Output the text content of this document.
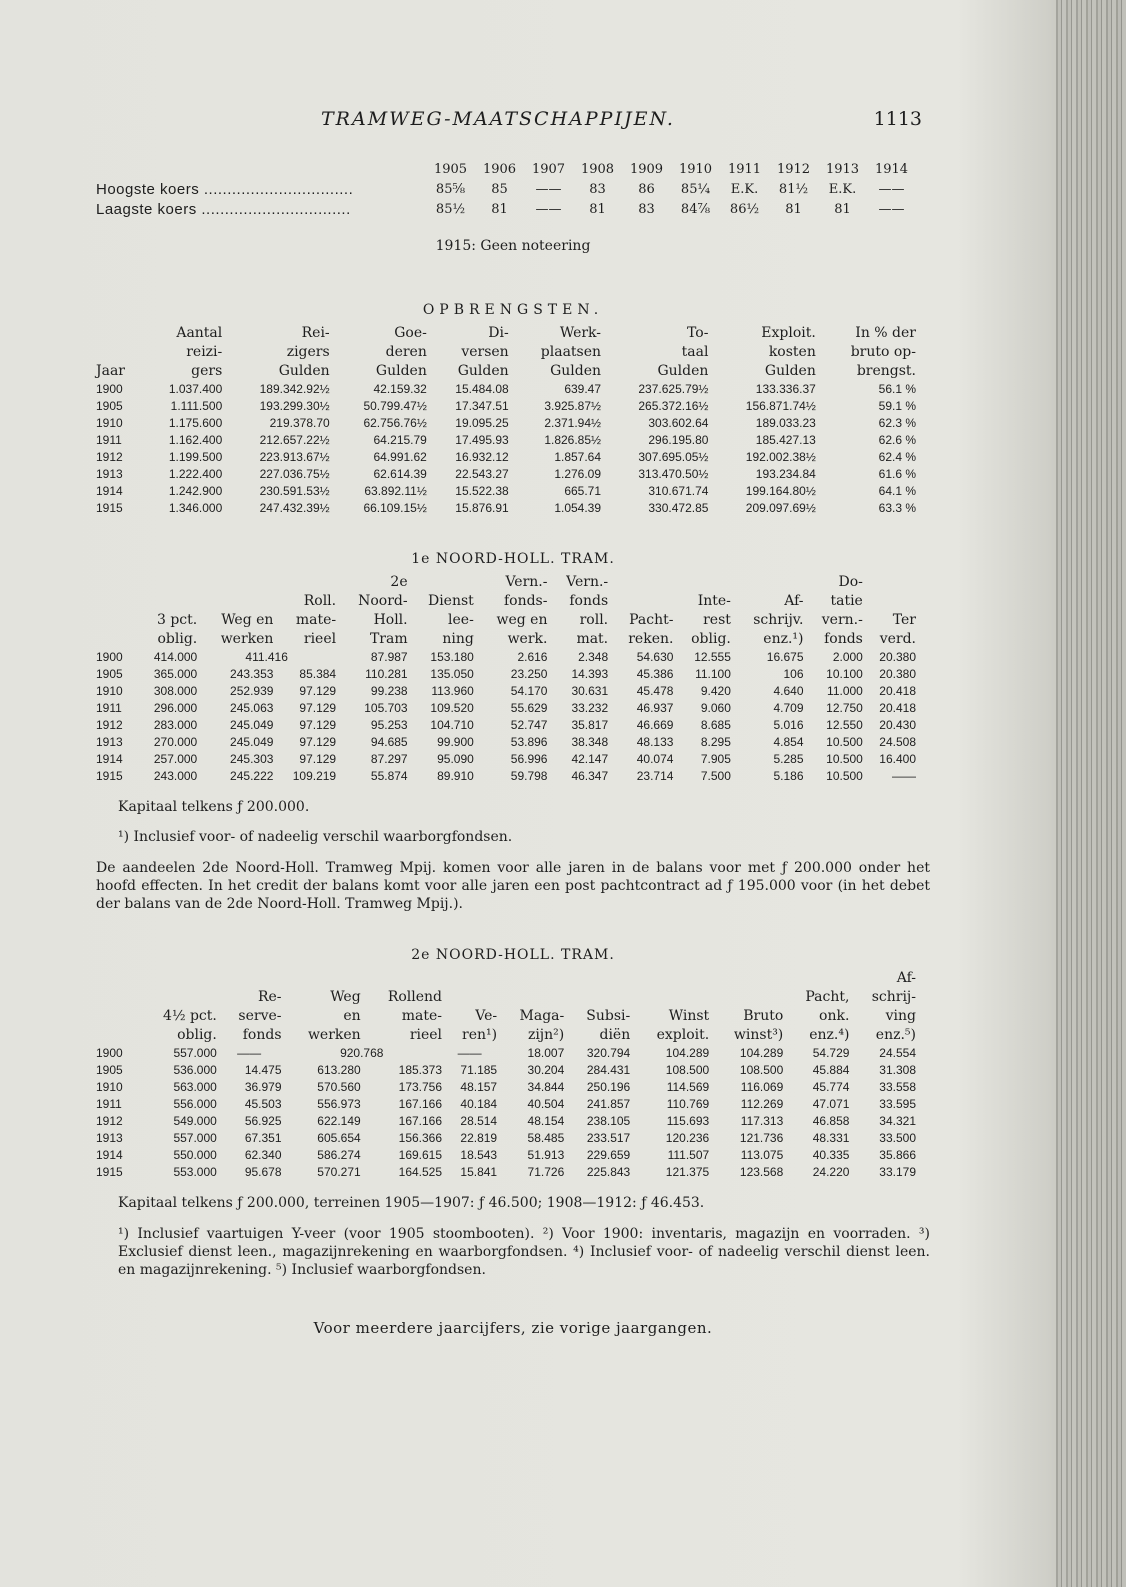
TRAMWEG-MAATSCHAPPIJEN.	1113
	1905	1906	1907	1908	1909	1910	1911	1912	1913	1914
Hoogste koers ................................	85⅝	85	——	83	86	85¼	E.K.	81½	E.K.	——
Laagste koers ................................	85½	81	——	81	83	84⅞	86½	81	81	——
1915: Geen noteering
OPBRENGSTEN.
	Aantal	Rei-	Goe-	Di-	Werk-	To-	Exploit.	In % der
	reizi-	zigers	deren	versen	plaatsen	taal	kosten	bruto op-
Jaar	gers	Gulden	Gulden	Gulden	Gulden	Gulden	Gulden	brengst.
1900	1.037.400	189.342.92½	42.159.32	15.484.08	639.47	237.625.79½	133.336.37	56.1 %
1905	1.111.500	193.299.30½	50.799.47½	17.347.51	3.925.87½	265.372.16½	156.871.74½	59.1 %
1910	1.175.600	219.378.70	62.756.76½	19.095.25	2.371.94½	303.602.64	189.033.23	62.3 %
1911	1.162.400	212.657.22½	64.215.79	17.495.93	1.826.85½	296.195.80	185.427.13	62.6 %
1912	1.199.500	223.913.67½	64.991.62	16.932.12	1.857.64	307.695.05½	192.002.38½	62.4 %
1913	1.222.400	227.036.75½	62.614.39	22.543.27	1.276.09	313.470.50½	193.234.84	61.6 %
1914	1.242.900	230.591.53½	63.892.11½	15.522.38	665.71	310.671.74	199.164.80½	64.1 %
1915	1.346.000	247.432.39½	66.109.15½	15.876.91	1.054.39	330.472.85	209.097.69½	63.3 %
1e NOORD-HOLL. TRAM.
				2e		Vern.-	Vern.-				Do-	
			Roll.	Noord-	Dienst	fonds-	fonds		Inte-	Af-	tatie	
	3 pct.	Weg en	mate-	Holl.	lee-	weg en	roll.	Pacht-	rest	schrijv.	vern.-	Ter
	oblig.	werken	rieel	Tram	ning	werk.	mat.	reken.	oblig.	enz.¹)	fonds	verd.
1900	414.000	411.416		87.987	153.180	2.616	2.348	54.630	12.555	16.675	2.000	20.380
1905	365.000	243.353	85.384	110.281	135.050	23.250	14.393	45.386	11.100	106	10.100	20.380
1910	308.000	252.939	97.129	99.238	113.960	54.170	30.631	45.478	9.420	4.640	11.000	20.418
1911	296.000	245.063	97.129	105.703	109.520	55.629	33.232	46.937	9.060	4.709	12.750	20.418
1912	283.000	245.049	97.129	95.253	104.710	52.747	35.817	46.669	8.685	5.016	12.550	20.430
1913	270.000	245.049	97.129	94.685	99.900	53.896	38.348	48.133	8.295	4.854	10.500	24.508
1914	257.000	245.303	97.129	87.297	95.090	56.996	42.147	40.074	7.905	5.285	10.500	16.400
1915	243.000	245.222	109.219	55.874	89.910	59.798	46.347	23.714	7.500	5.186	10.500	——
Kapitaal telkens ƒ 200.000.
¹) Inclusief voor- of nadeelig verschil waarborgfondsen.
De aandeelen 2de Noord-Holl. Tramweg Mpij. komen voor alle jaren in de balans voor met ƒ 200.000 onder het hoofd effecten. In het credit der balans komt voor alle jaren een post pachtcontract ad ƒ 195.000 voor (in het debet der balans van de 2de Noord-Holl. Tramweg Mpij.).
2e NOORD-HOLL. TRAM.
											Af-
		Re-	Weg	Rollend						Pacht,	schrij-
	4½ pct.	serve-	en	mate-	Ve-	Maga-	Subsi-	Winst	Bruto	onk.	ving
	oblig.	fonds	werken	rieel	ren¹)	zijn²)	diën	exploit.	winst³)	enz.⁴)	enz.⁵)
1900	557.000	——	920.768		——	18.007	320.794	104.289	104.289	54.729	24.554
1905	536.000	14.475	613.280	185.373	71.185	30.204	284.431	108.500	108.500	45.884	31.308
1910	563.000	36.979	570.560	173.756	48.157	34.844	250.196	114.569	116.069	45.774	33.558
1911	556.000	45.503	556.973	167.166	40.184	40.504	241.857	110.769	112.269	47.071	33.595
1912	549.000	56.925	622.149	167.166	28.514	48.154	238.105	115.693	117.313	46.858	34.321
1913	557.000	67.351	605.654	156.366	22.819	58.485	233.517	120.236	121.736	48.331	33.500
1914	550.000	62.340	586.274	169.615	18.543	51.913	229.659	111.507	113.075	40.335	35.866
1915	553.000	95.678	570.271	164.525	15.841	71.726	225.843	121.375	123.568	24.220	33.179
Kapitaal telkens ƒ 200.000, terreinen 1905—1907: ƒ 46.500; 1908—1912: ƒ 46.453.
¹) Inclusief vaartuigen Y-veer (voor 1905 stoombooten). ²) Voor 1900: inventaris, magazijn en voorraden. ³) Exclusief dienst leen., magazijnrekening en waarborgfondsen. ⁴) Inclusief voor- of nadeelig verschil dienst leen. en magazijnrekening. ⁵) Inclusief waarborgfondsen.
Voor meerdere jaarcijfers, zie vorige jaargangen.
